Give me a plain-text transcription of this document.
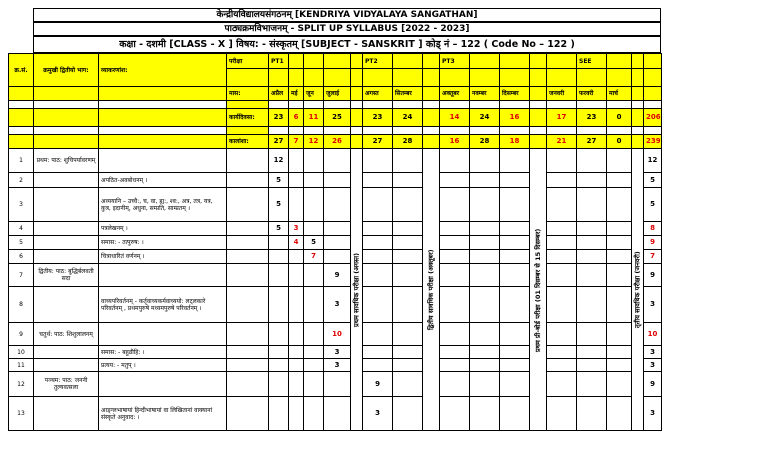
केन्द्रीयविद्यालयसंगठनम् [KENDRIYA VIDYALAYA SANGATHAN]
पाठ्यक्रमविभाजनम् - SPLIT UP SYLLABUS [2022 - 2023]
कक्षा - दशमी [CLASS - X ] विषय: - संस्कृतम् [SUBJECT - SANSKRIT ] कोड् नं – 122 ( Code No – 122 )
क्र.सं.	क्रमुखी द्वितीयो भाग:	व्याकरणांश:	परीक्षा	PT1					PT2			PT3					SEE			

			मास:	अप्रैल	मई	जून	जुलाई		अगस्त	सितम्बर		अक्तूबर	नवम्बर	दिसम्बर		जनवरी	फरवरी	मार्च		

			कार्यदिवसा:	23	6	11	25		23	24		14	24	16		17	23	0		206

			कालांशा:	27	7	12	26		27	28		16	28	18		21	27	0		239
1	प्रथम: पाठ: शुचिपर्यावरणम्			12				प्रथम सावधिक परीक्षा (अगस्त)			द्वितीय सावधिक परीक्षा (अक्तूबर)				प्रथम प्री-बोर्ड परीक्षा (01 दिसम्बर से 15 दिसम्बर)				तृतीय सावधिक परीक्षा (जनवरी)	12
2		अपठित-अवबोधनम् ।		5																5
3		अव्ययानि – उच्चै:, च, वा, ह्य:, श्व:, अत्र, तत्र, यत्र, कुत्र, इदानीम्, अधुना, सम्प्रति, साम्प्रतम् ।		5																5
4		पत्रलेखनम् ।		5	3															8
5		समास: - तत्पुरुष: ।			4	5														9
6		चित्राधारितं वर्णनम् ।				7														7
7	द्वितीय: पाठ: बुद्धिर्बलवती सदा						9													9
8		वाच्यपरिवर्तनम् - कर्तृवाच्यकर्मवाच्ययो: लट्लकारे परिवर्तनम् , प्रथमपुरुषे मध्यमपुरुषे परिवर्तनम् ।					3													3
9	चतुर्थ: पाठ: शिशुलालनम्						10													10
10		समास: - बहुव्रीहि: ।					3													3
11		प्रत्यय: - मतुप् ।					3													3
12	पञ्चम: पाठ: जननी तुल्यवत्सला								9											9
13		आङ्ग्लभाषायां हिन्दीभाषायां वा लिखितानां वाक्यानां संस्कृते अनुवाद: ।							3											3
